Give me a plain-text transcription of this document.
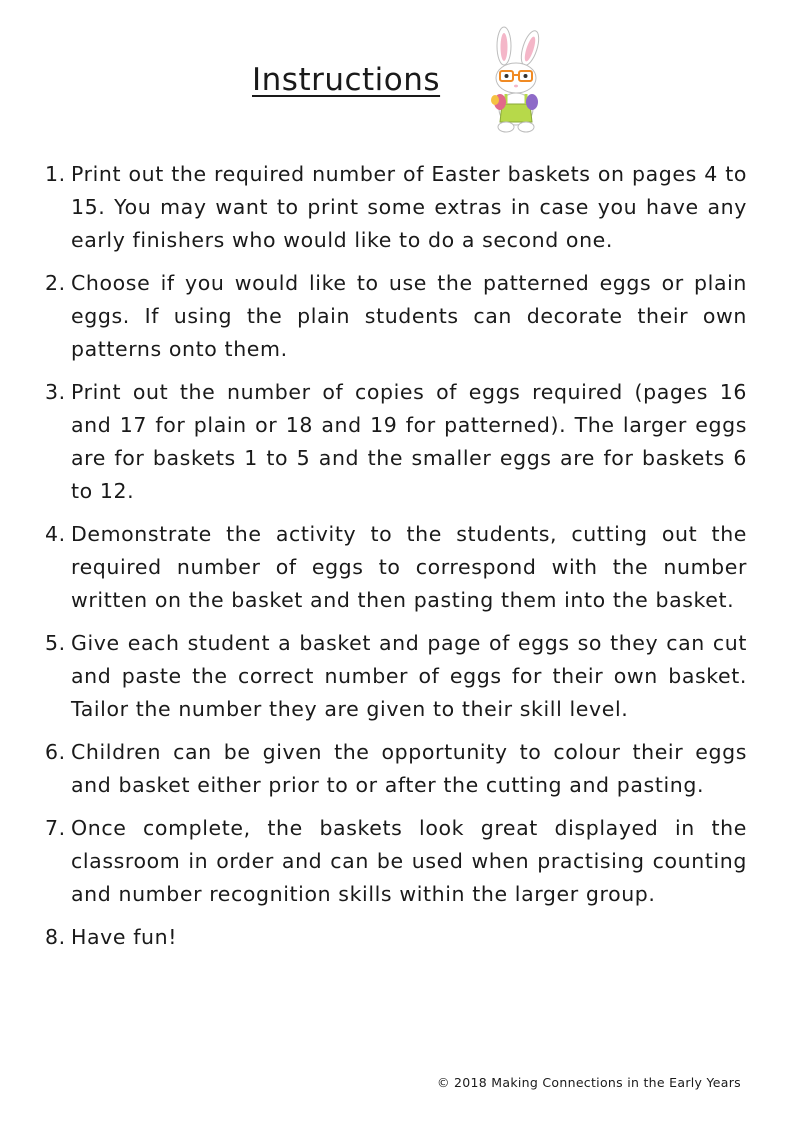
Instructions
1. Print out the required number of Easter baskets on pages 4 to 15. You may want to print some extras in case you have any early finishers who would like to do a second one.
2. Choose if you would like to use the patterned eggs or plain eggs. If using the plain students can decorate their own patterns onto them.
3. Print out the number of copies of eggs required (pages 16 and 17 for plain or 18 and 19 for patterned). The larger eggs are for baskets 1 to 5 and the smaller eggs are for baskets 6 to 12.
4. Demonstrate the activity to the students, cutting out the required number of eggs to correspond with the number written on the basket and then pasting them into the basket.
5. Give each student a basket and page of eggs so they can cut and paste the correct number of eggs for their own basket. Tailor the number they are given to their skill level.
6. Children can be given the opportunity to colour their eggs and basket either prior to or after the cutting and pasting.
7. Once complete, the baskets look great displayed in the classroom in order and can be used when practising counting and number recognition skills within the larger group.
8. Have fun!
© 2018 Making Connections in the Early Years
